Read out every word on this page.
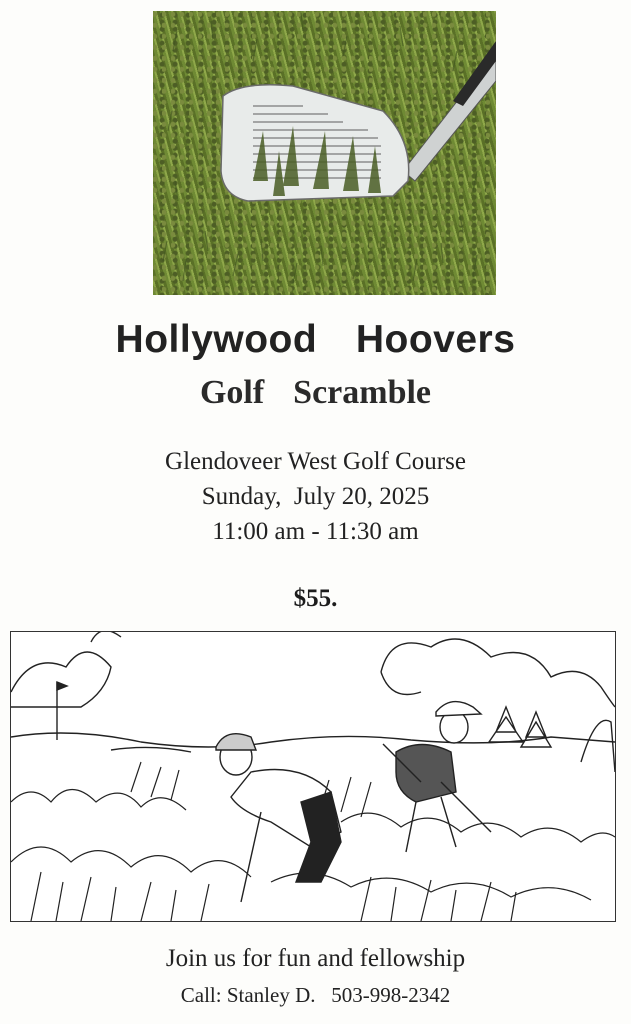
Hollywood  Hoovers
Golf  Scramble
Glendoveer West Golf Course
Sunday,  July 20, 2025
11:00 am - 11:30 am
$55.
Join us for fun and fellowship
Call: Stanley D.   503-998-2342
